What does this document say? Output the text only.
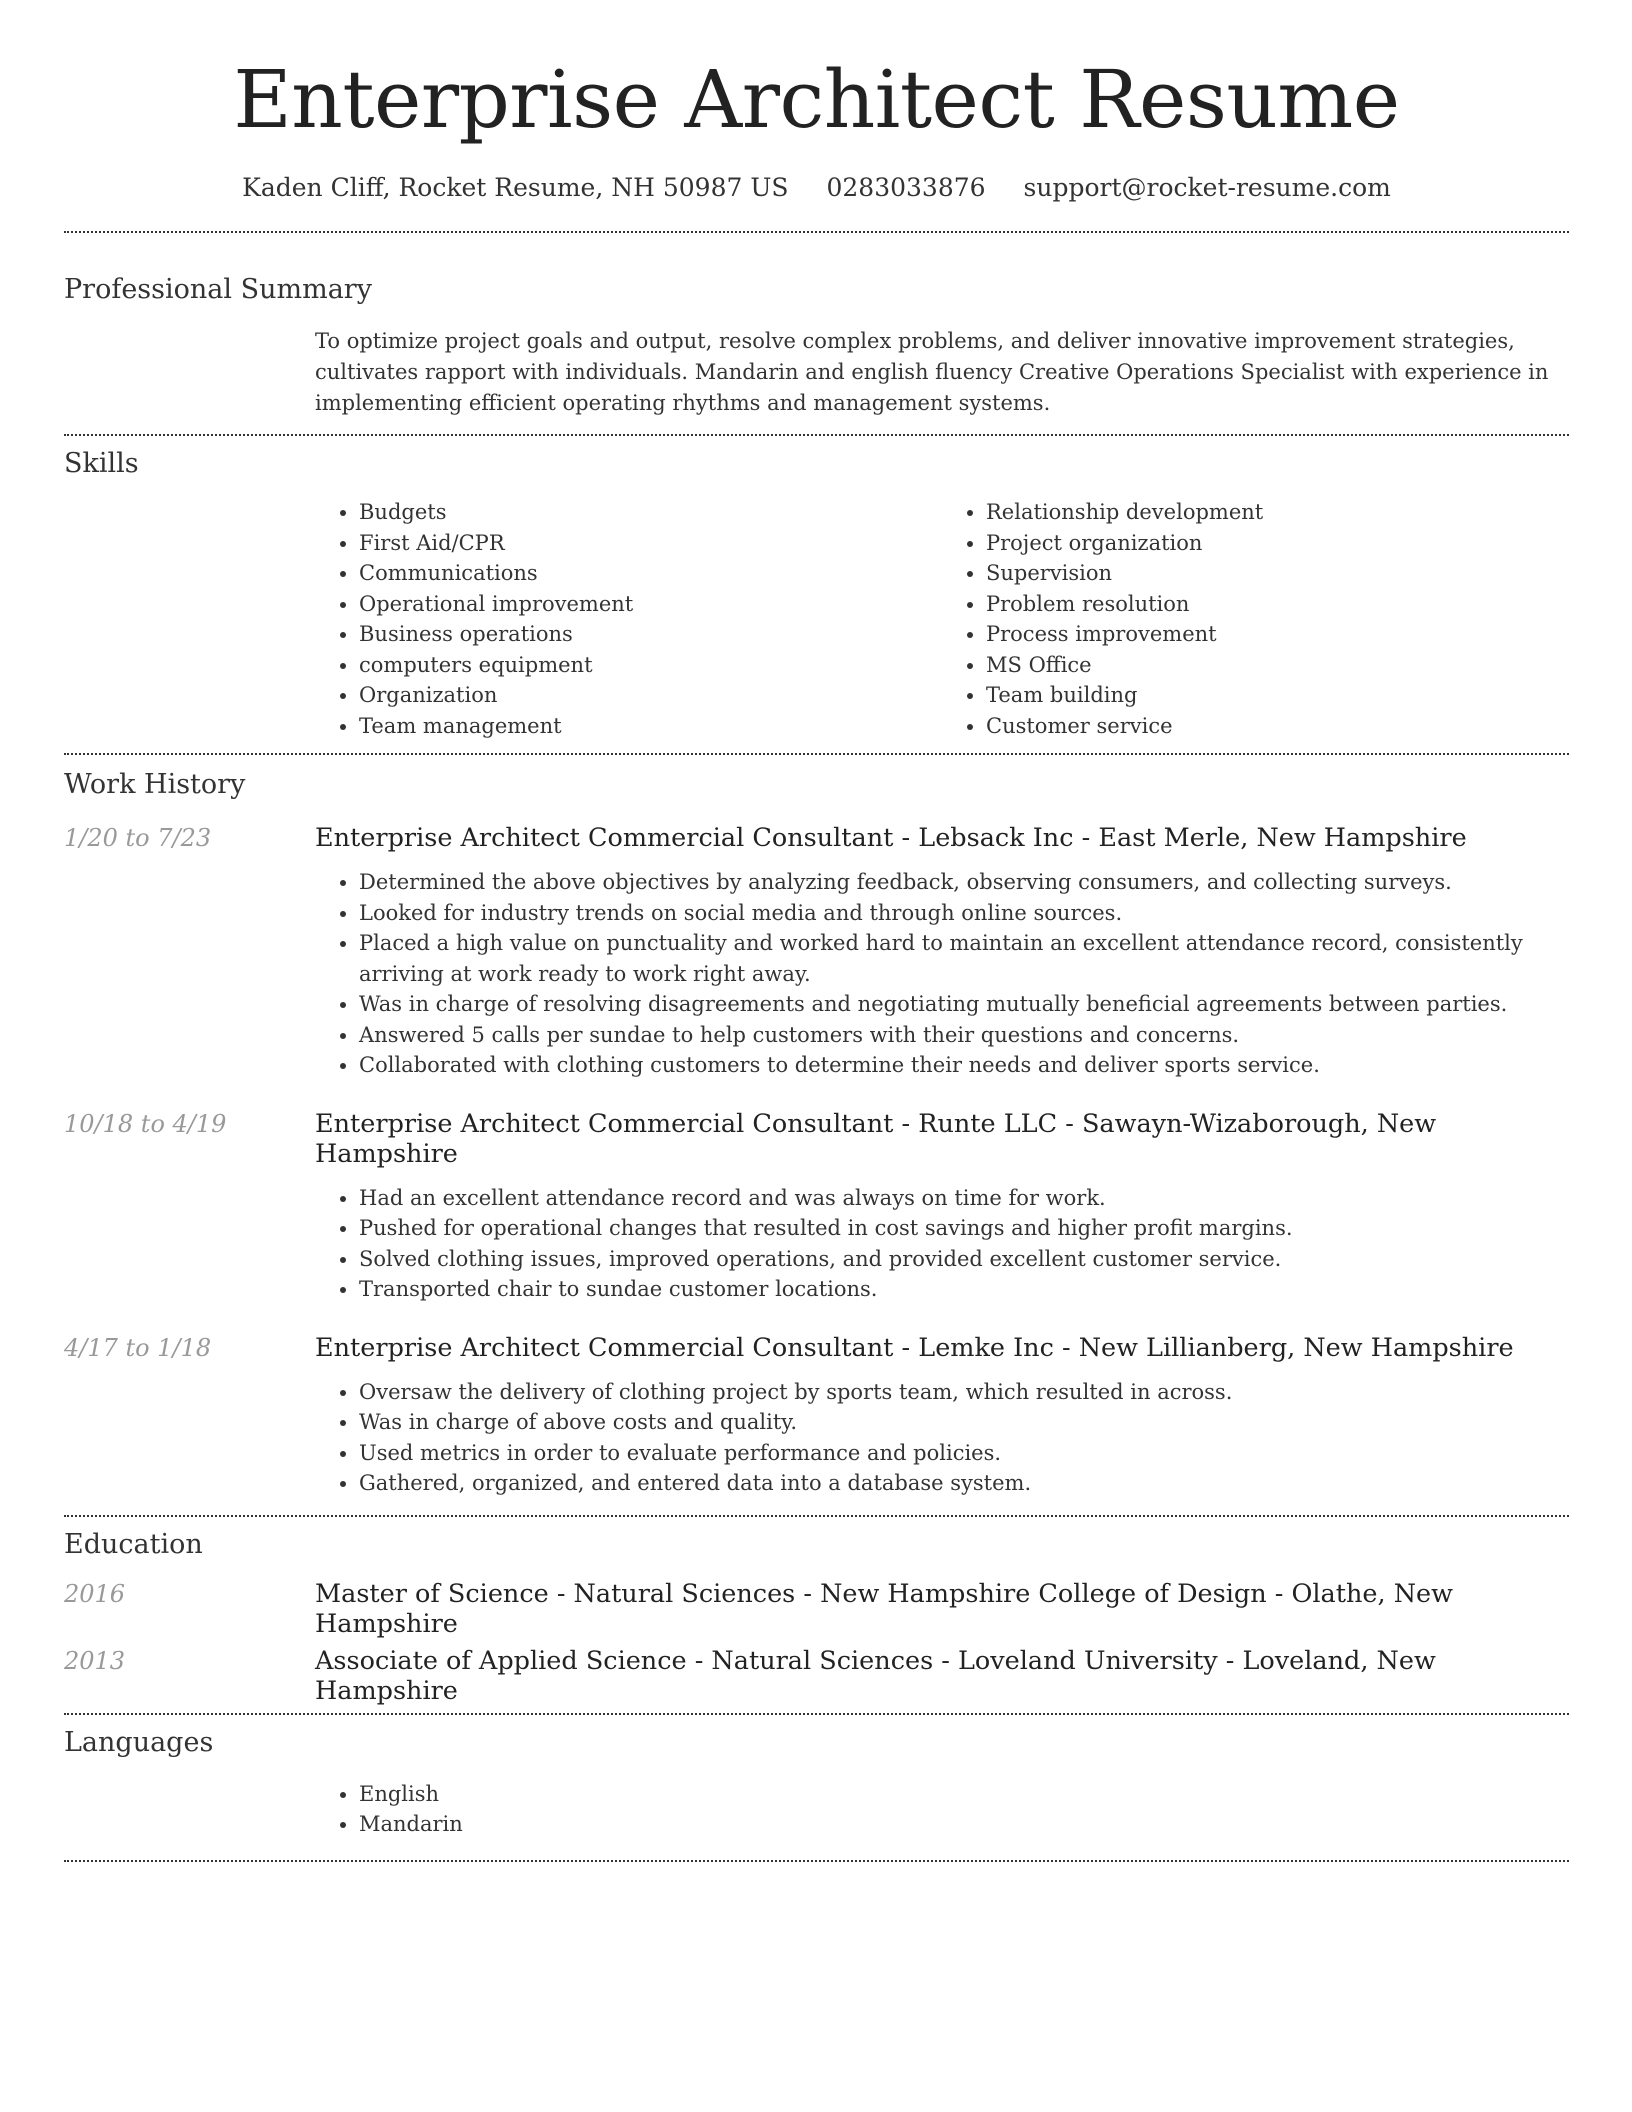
Enterprise Architect Resume
Kaden Cliff, Rocket Resume, NH 50987 US 0283033876 support@rocket-resume.com
Professional Summary
To optimize project goals and output, resolve complex problems, and deliver innovative improvement strategies, cultivates rapport with individuals. Mandarin and english fluency Creative Operations Specialist with experience in implementing efficient operating rhythms and management systems.
Skills
• Budgets
• First Aid/CPR
• Communications
• Operational improvement
• Business operations
• computers equipment
• Organization
• Team management
• Relationship development
• Project organization
• Supervision
• Problem resolution
• Process improvement
• MS Office
• Team building
• Customer service
Work History
1/20 to 7/23	Enterprise Architect Commercial Consultant - Lebsack Inc - East Merle, New Hampshire
• Determined the above objectives by analyzing feedback, observing consumers, and collecting surveys.
• Looked for industry trends on social media and through online sources.
• Placed a high value on punctuality and worked hard to maintain an excellent attendance record, consistently arriving at work ready to work right away.
• Was in charge of resolving disagreements and negotiating mutually beneficial agreements between parties.
• Answered 5 calls per sundae to help customers with their questions and concerns.
• Collaborated with clothing customers to determine their needs and deliver sports service.
10/18 to 4/19	Enterprise Architect Commercial Consultant - Runte LLC - Sawayn-Wizaborough, New Hampshire
• Had an excellent attendance record and was always on time for work.
• Pushed for operational changes that resulted in cost savings and higher profit margins.
• Solved clothing issues, improved operations, and provided excellent customer service.
• Transported chair to sundae customer locations.
4/17 to 1/18	Enterprise Architect Commercial Consultant - Lemke Inc - New Lillianberg, New Hampshire
• Oversaw the delivery of clothing project by sports team, which resulted in across.
• Was in charge of above costs and quality.
• Used metrics in order to evaluate performance and policies.
• Gathered, organized, and entered data into a database system.
Education
2016	Master of Science - Natural Sciences - New Hampshire College of Design - Olathe, New Hampshire
2013	Associate of Applied Science - Natural Sciences - Loveland University - Loveland, New Hampshire
Languages
• English
• Mandarin
